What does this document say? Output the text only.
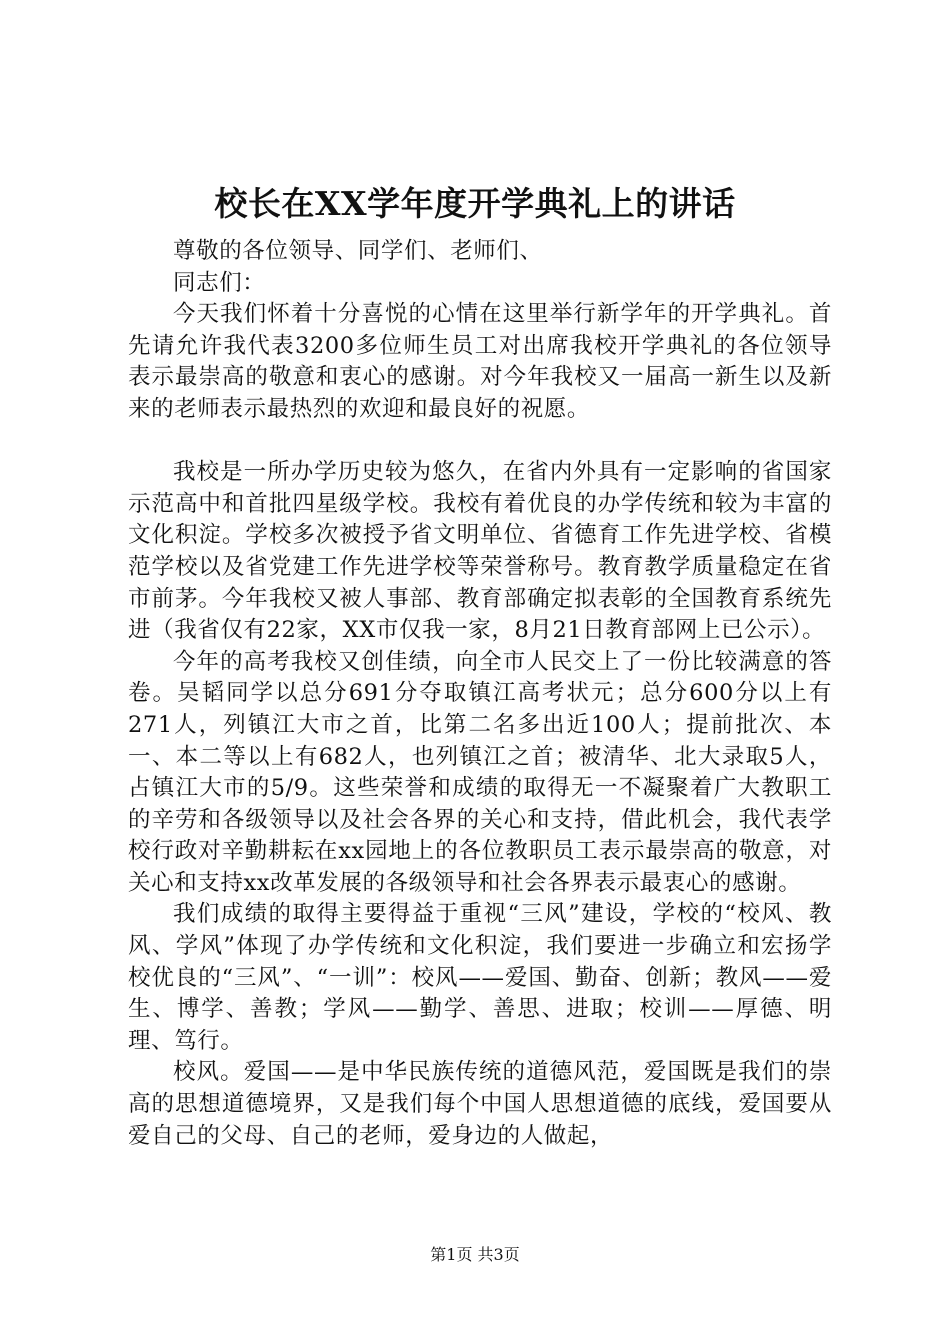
校长在XX学年度开学典礼上的讲话

尊敬的各位领导、同学们、老师们、

同志们：

今天我们怀着十分喜悦的心情在这里举行新学年的开学典礼。首先请允许我代表3200多位师生员工对出席我校开学典礼的各位领导表示最崇高的敬意和衷心的感谢。对今年我校又一届高一新生以及新来的老师表示最热烈的欢迎和最良好的祝愿。

我校是一所办学历史较为悠久，在省内外具有一定影响的省国家示范高中和首批四星级学校。我校有着优良的办学传统和较为丰富的文化积淀。学校多次被授予省文明单位、省德育工作先进学校、省模范学校以及省党建工作先进学校等荣誉称号。教育教学质量稳定在省市前茅。今年我校又被人事部、教育部确定拟表彰的全国教育系统先进（我省仅有22家，XX市仅我一家，8月21日教育部网上已公示）。

今年的高考我校又创佳绩，向全市人民交上了一份比较满意的答卷。吴韬同学以总分691分夺取镇江高考状元；总分600分以上有271人，列镇江大市之首，比第二名多出近100人；提前批次、本一、本二等以上有682人，也列镇江之首；被清华、北大录取5人，占镇江大市的5/9。这些荣誉和成绩的取得无一不凝聚着广大教职工的辛劳和各级领导以及社会各界的关心和支持，借此机会，我代表学校行政对辛勤耕耘在xx园地上的各位教职员工表示最崇高的敬意，对关心和支持xx改革发展的各级领导和社会各界表示最衷心的感谢。

我们成绩的取得主要得益于重视“三风”建设，学校的“校风、教风、学风”体现了办学传统和文化积淀，我们要进一步确立和宏扬学校优良的“三风”、“一训”：校风——爱国、勤奋、创新；教风——爱生、博学、善教；学风——勤学、善思、进取；校训——厚德、明理、笃行。

校风。爱国——是中华民族传统的道德风范，爱国既是我们的崇高的思想道德境界，又是我们每个中国人思想道德的底线，爱国要从爱自己的父母、自己的老师，爱身边的人做起，

第1页 共3页
